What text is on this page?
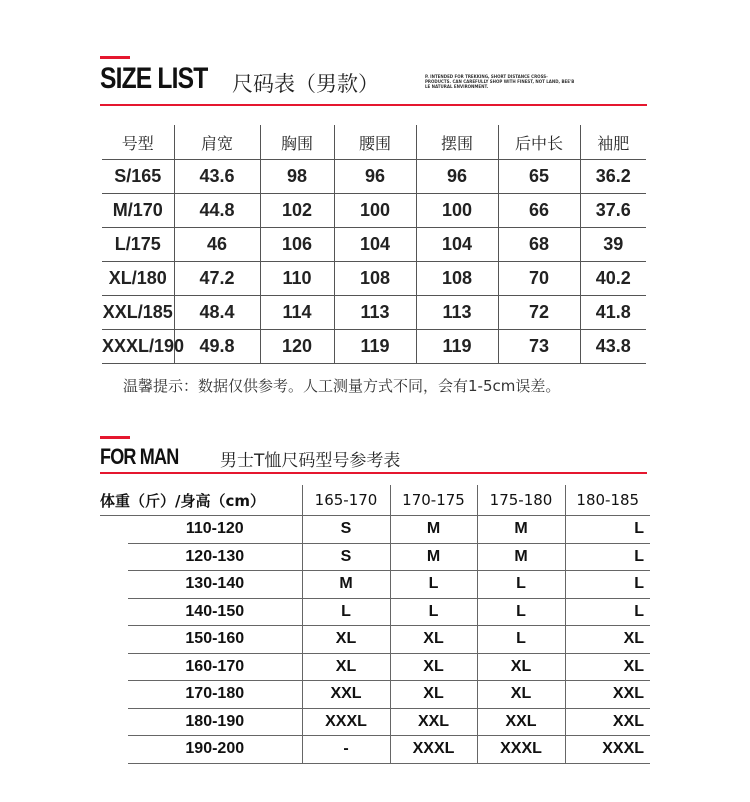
SIZE LIST 尺码表（男款）	P. INTENDED FOR TREKKING, SHORT DISTANCE CROSS-
PRODUCTS. CAN CAREFULLY SHOP WITH FINEST, NOT LAND, BEE'B
LE NATURAL ENVIRONMENT.
号型	肩宽	胸围	腰围	摆围	后中长	袖肥
S/165	43.6	98	96	96	65	36.2
M/170	44.8	102	100	100	66	37.6
L/175	46	106	104	104	68	39
XL/180	47.2	110	108	108	70	40.2
XXL/185	48.4	114	113	113	72	41.8
XXXL/190	49.8	120	119	119	73	43.8
温馨提示：数据仅供参考。人工测量方式不同，会有1-5cm误差。
FOR MAN 男士T恤尺码型号参考表
体重（斤）/身高（cm）		165-170	170-175	175-180	180-185
	110-120	S	M	M	L
	120-130	S	M	M	L
	130-140	M	L	L	L
	140-150	L	L	L	L
	150-160	XL	XL	L	XL
	160-170	XL	XL	XL	XL
	170-180	XXL	XL	XL	XXL
	180-190	XXXL	XXL	XXL	XXL
	190-200	-	XXXL	XXXL	XXXL
